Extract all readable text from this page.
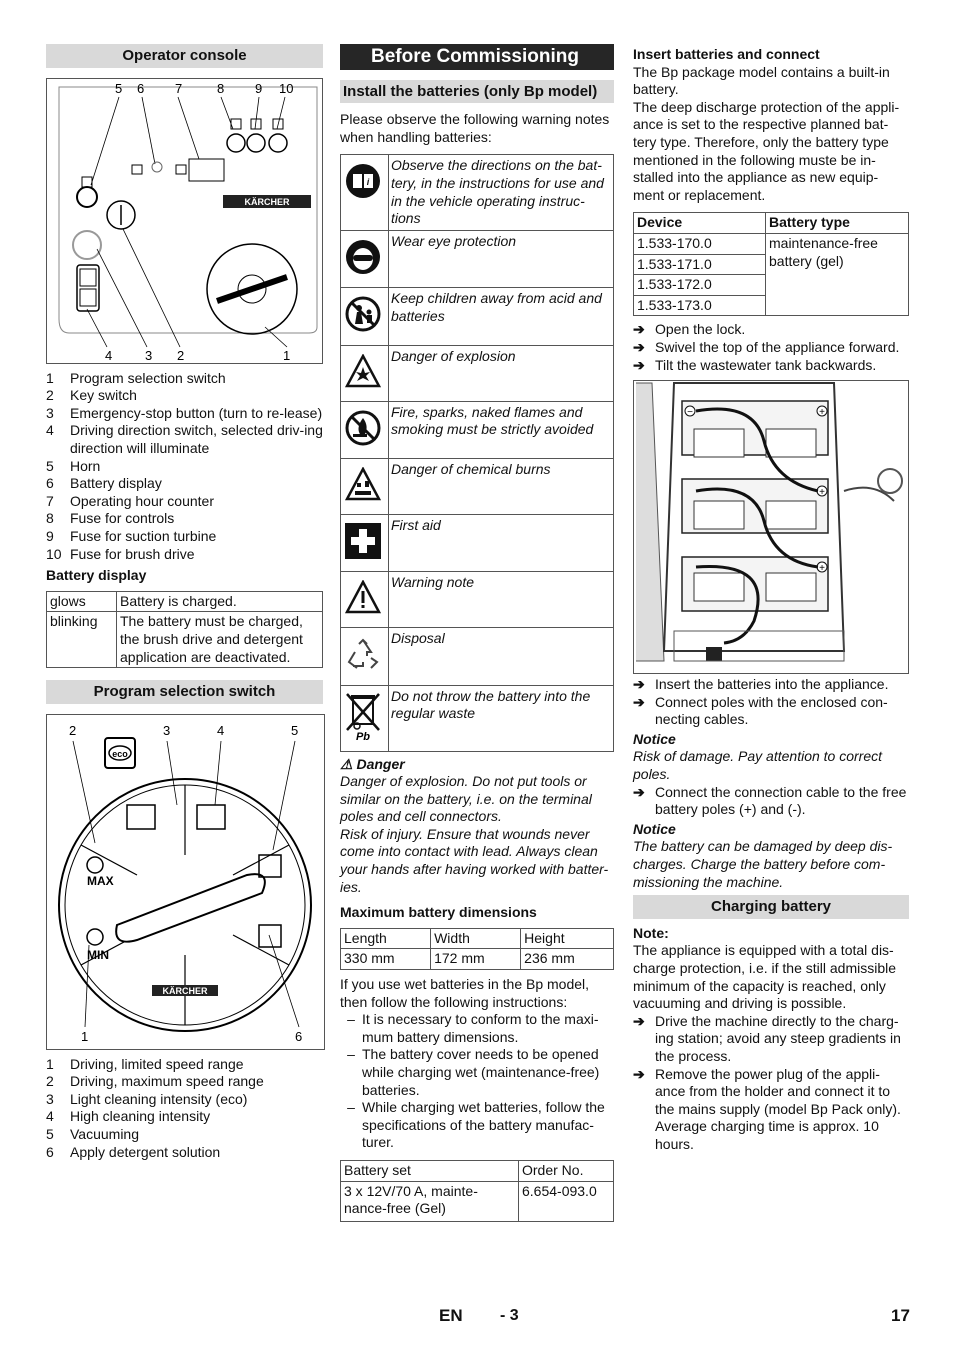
Operator console
5 6 7	8 9 10
KÄRCHER
4	3 2	1
1	Program selection switch
2	Key switch
3	Emergency-stop button (turn to re-lease)
4	Driving direction switch, selected driv-ing direction will illuminate
5	Horn
6	Battery display
7	Operating hour counter
8	Fuse for controls
9	Fuse for suction turbine
10 Fuse for brush drive
Battery display
glows	Battery is charged.
blinking	The battery must be charged, the brush drive and detergent application are deactivated.
Program selection switch
2	3	4	5
1	6
eco
MAX
MIN
KÄRCHER
1	Driving, limited speed range
2	Driving, maximum speed range
3	Light cleaning intensity (eco)
4	High cleaning intensity
5	Vacuuming
6	Apply detergent solution
Before Commissioning
Install the batteries (only Bp model)
Please observe the following warning notes when handling batteries:
i	Observe the directions on the bat-tery, in the instructions for use and in the vehicle operating instruc-tions
	Wear eye protection
	Keep children away from acid and batteries
	Danger of explosion
	Fire, sparks, naked flames and smoking must be strictly avoided
	Danger of chemical burns
	First aid
	Warning note
	Disposal

Pb	Do not throw the battery into the regular waste
⚠ Danger
Danger of explosion. Do not put tools or similar on the battery, i.e. on the terminal poles and cell connectors.
Risk of injury. Ensure that wounds never come into contact with lead. Always clean your hands after having worked with batter-ies.
Maximum battery dimensions
Length	Width	Height
330 mm	172 mm	236 mm
If you use wet batteries in the Bp model, then follow the following instructions:
– It is necessary to conform to the maxi-mum battery dimensions.
– The battery cover needs to be opened while charging wet (maintenance-free) batteries.
– While charging wet batteries, follow the specifications of the battery manufac-turer.
Battery set	Order No.
3 x 12V/70 A, mainte-nance-free (Gel)	6.654-093.0
Insert batteries and connect
The Bp package model contains a built-in battery.
The deep discharge protection of the appli-ance is set to the respective planned bat-tery type. Therefore, only the battery type mentioned in the following muste be in-stalled into the appliance as new equip-ment or replacement.
Device	Battery type
1.533-170.0	maintenance-free battery (gel)
1.533-171.0	
1.533-172.0	
1.533-173.0	
➔ Open the lock.
➔ Swivel the top of the appliance forward.
➔ Tilt the wastewater tank backwards.
−	+
+
+
➔ Insert the batteries into the appliance.
➔ Connect poles with the enclosed con-necting cables.
Notice
Risk of damage. Pay attention to correct poles.
➔ Connect the connection cable to the free battery poles (+) and (-).
Notice
The battery can be damaged by deep dis-charges. Charge the battery before com-missioning the machine.
Charging battery
Note:
The appliance is equipped with a total dis-charge protection, i.e. if the still admissible minimum of the capacity is reached, only vacuuming and driving is possible.
➔ Drive the machine directly to the charg-ing station; avoid any steep gradients in the process.
➔ Remove the power plug of the appli-ance from the holder and connect it to the mains supply (model Bp Pack only). Average charging time is approx. 10 hours.
EN - 3	17
